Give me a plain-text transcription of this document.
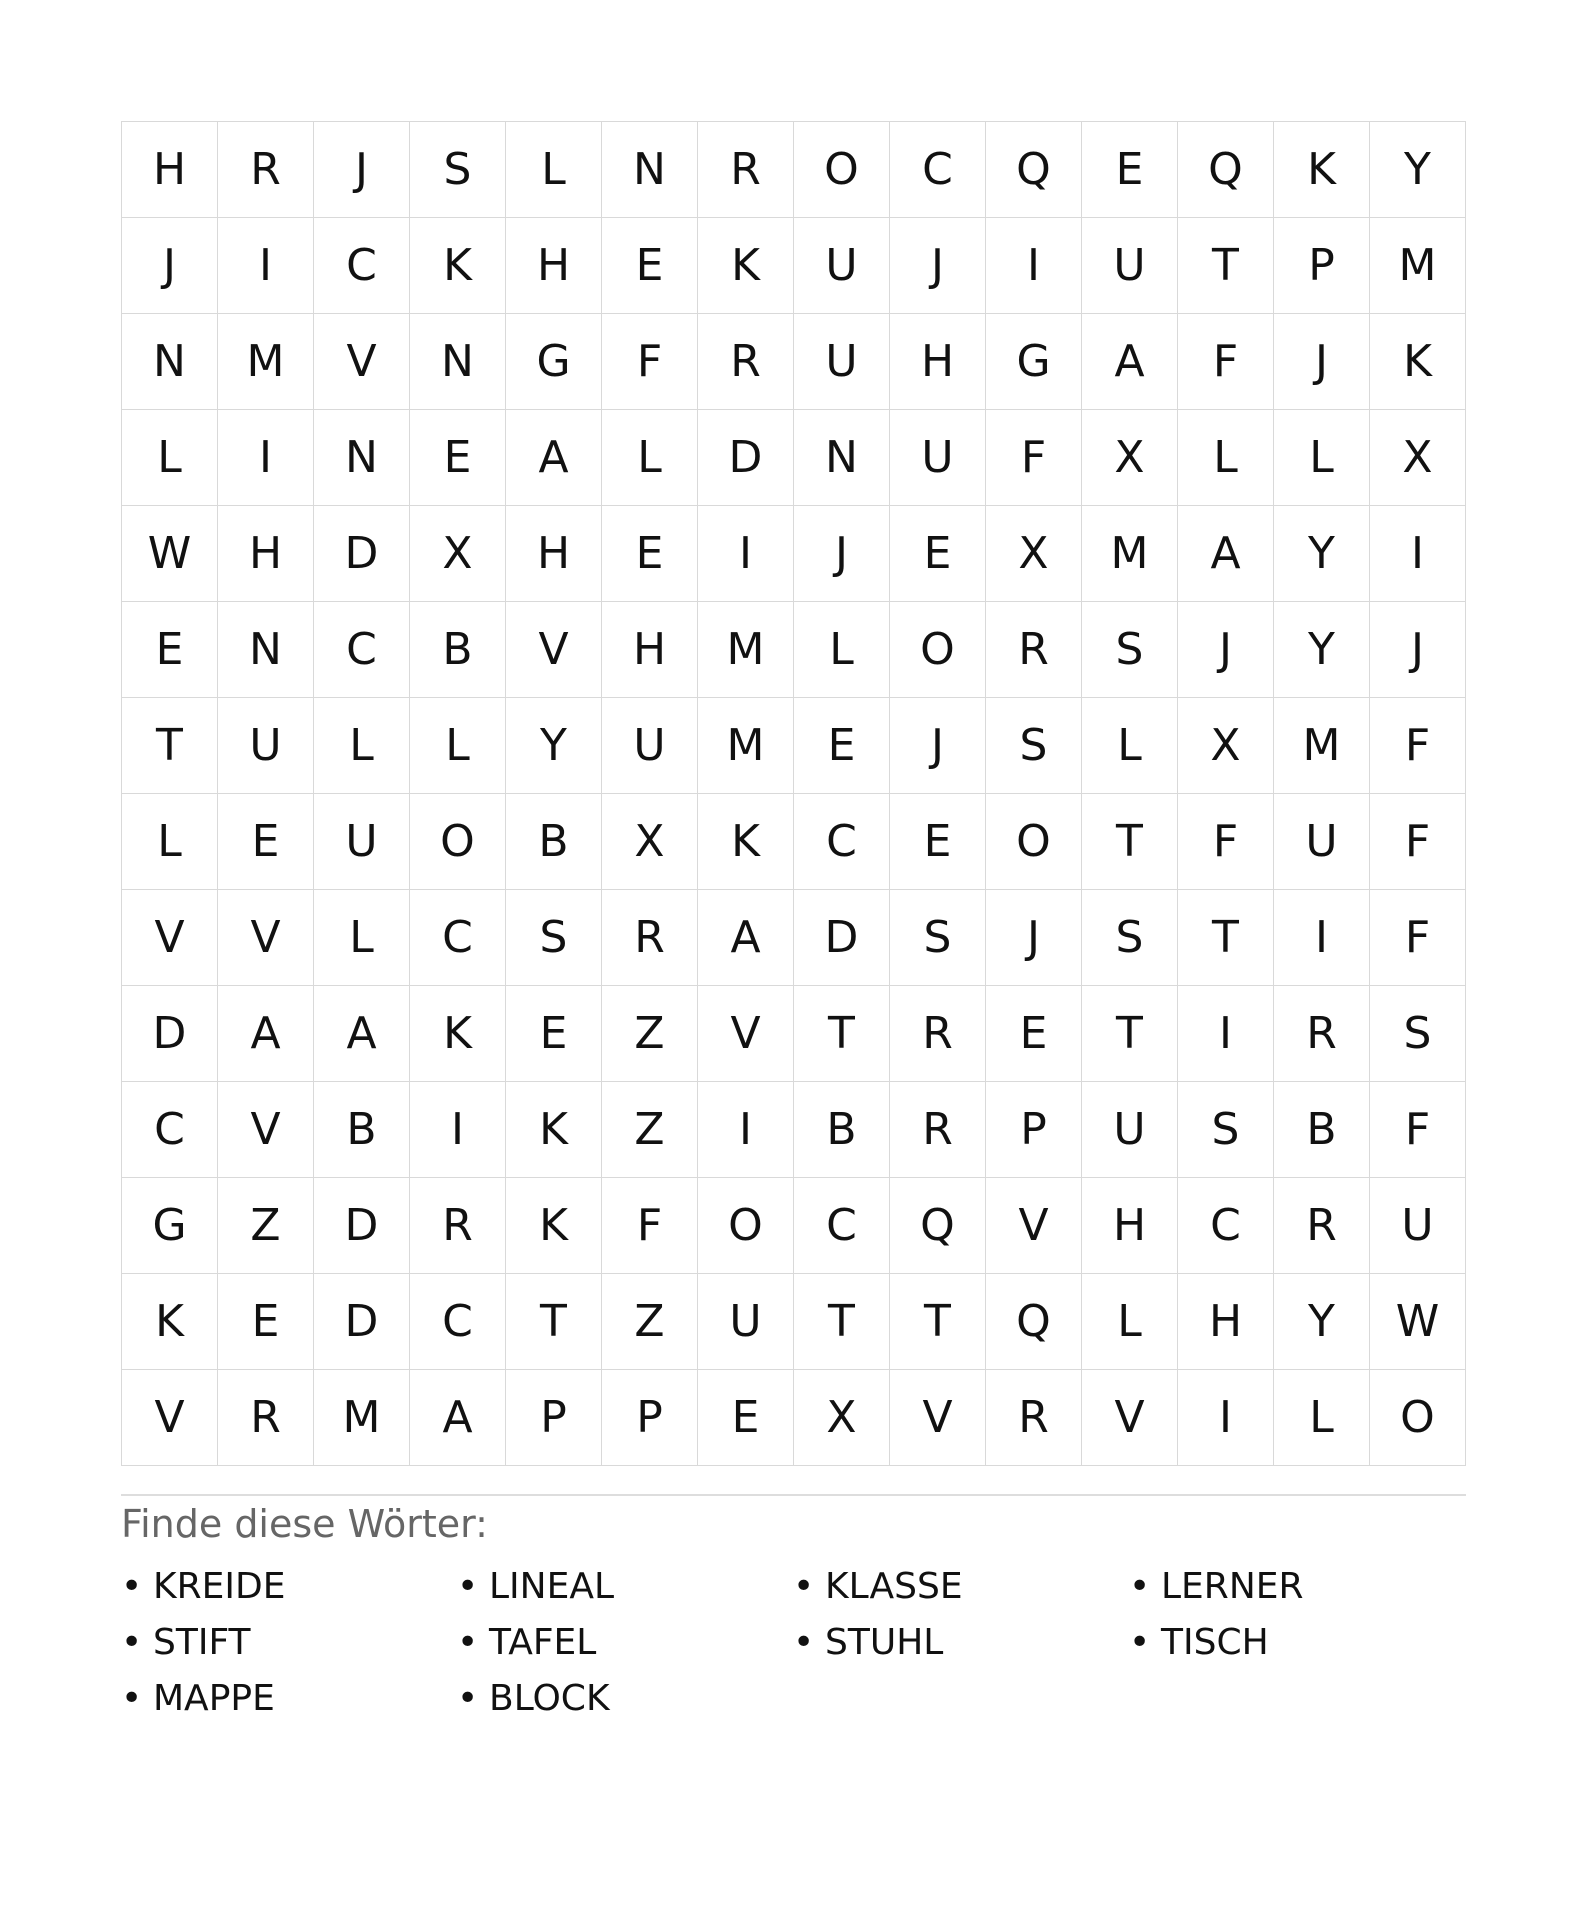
H	R	J	S	L	N	R	O	C	Q	E	Q	K	Y
J	I	C	K	H	E	K	U	J	I	U	T	P	M
N	M	V	N	G	F	R	U	H	G	A	F	J	K
L	I	N	E	A	L	D	N	U	F	X	L	L	X
W	H	D	X	H	E	I	J	E	X	M	A	Y	I
E	N	C	B	V	H	M	L	O	R	S	J	Y	J
T	U	L	L	Y	U	M	E	J	S	L	X	M	F
L	E	U	O	B	X	K	C	E	O	T	F	U	F
V	V	L	C	S	R	A	D	S	J	S	T	I	F
D	A	A	K	E	Z	V	T	R	E	T	I	R	S
C	V	B	I	K	Z	I	B	R	P	U	S	B	F
G	Z	D	R	K	F	O	C	Q	V	H	C	R	U
K	E	D	C	T	Z	U	T	T	Q	L	H	Y	W
V	R	M	A	P	P	E	X	V	R	V	I	L	O
Finde diese Wörter:
• KREIDE	• LINEAL	• KLASSE	• LERNER
• STIFT	• TAFEL	• STUHL	• TISCH
• MAPPE	• BLOCK
